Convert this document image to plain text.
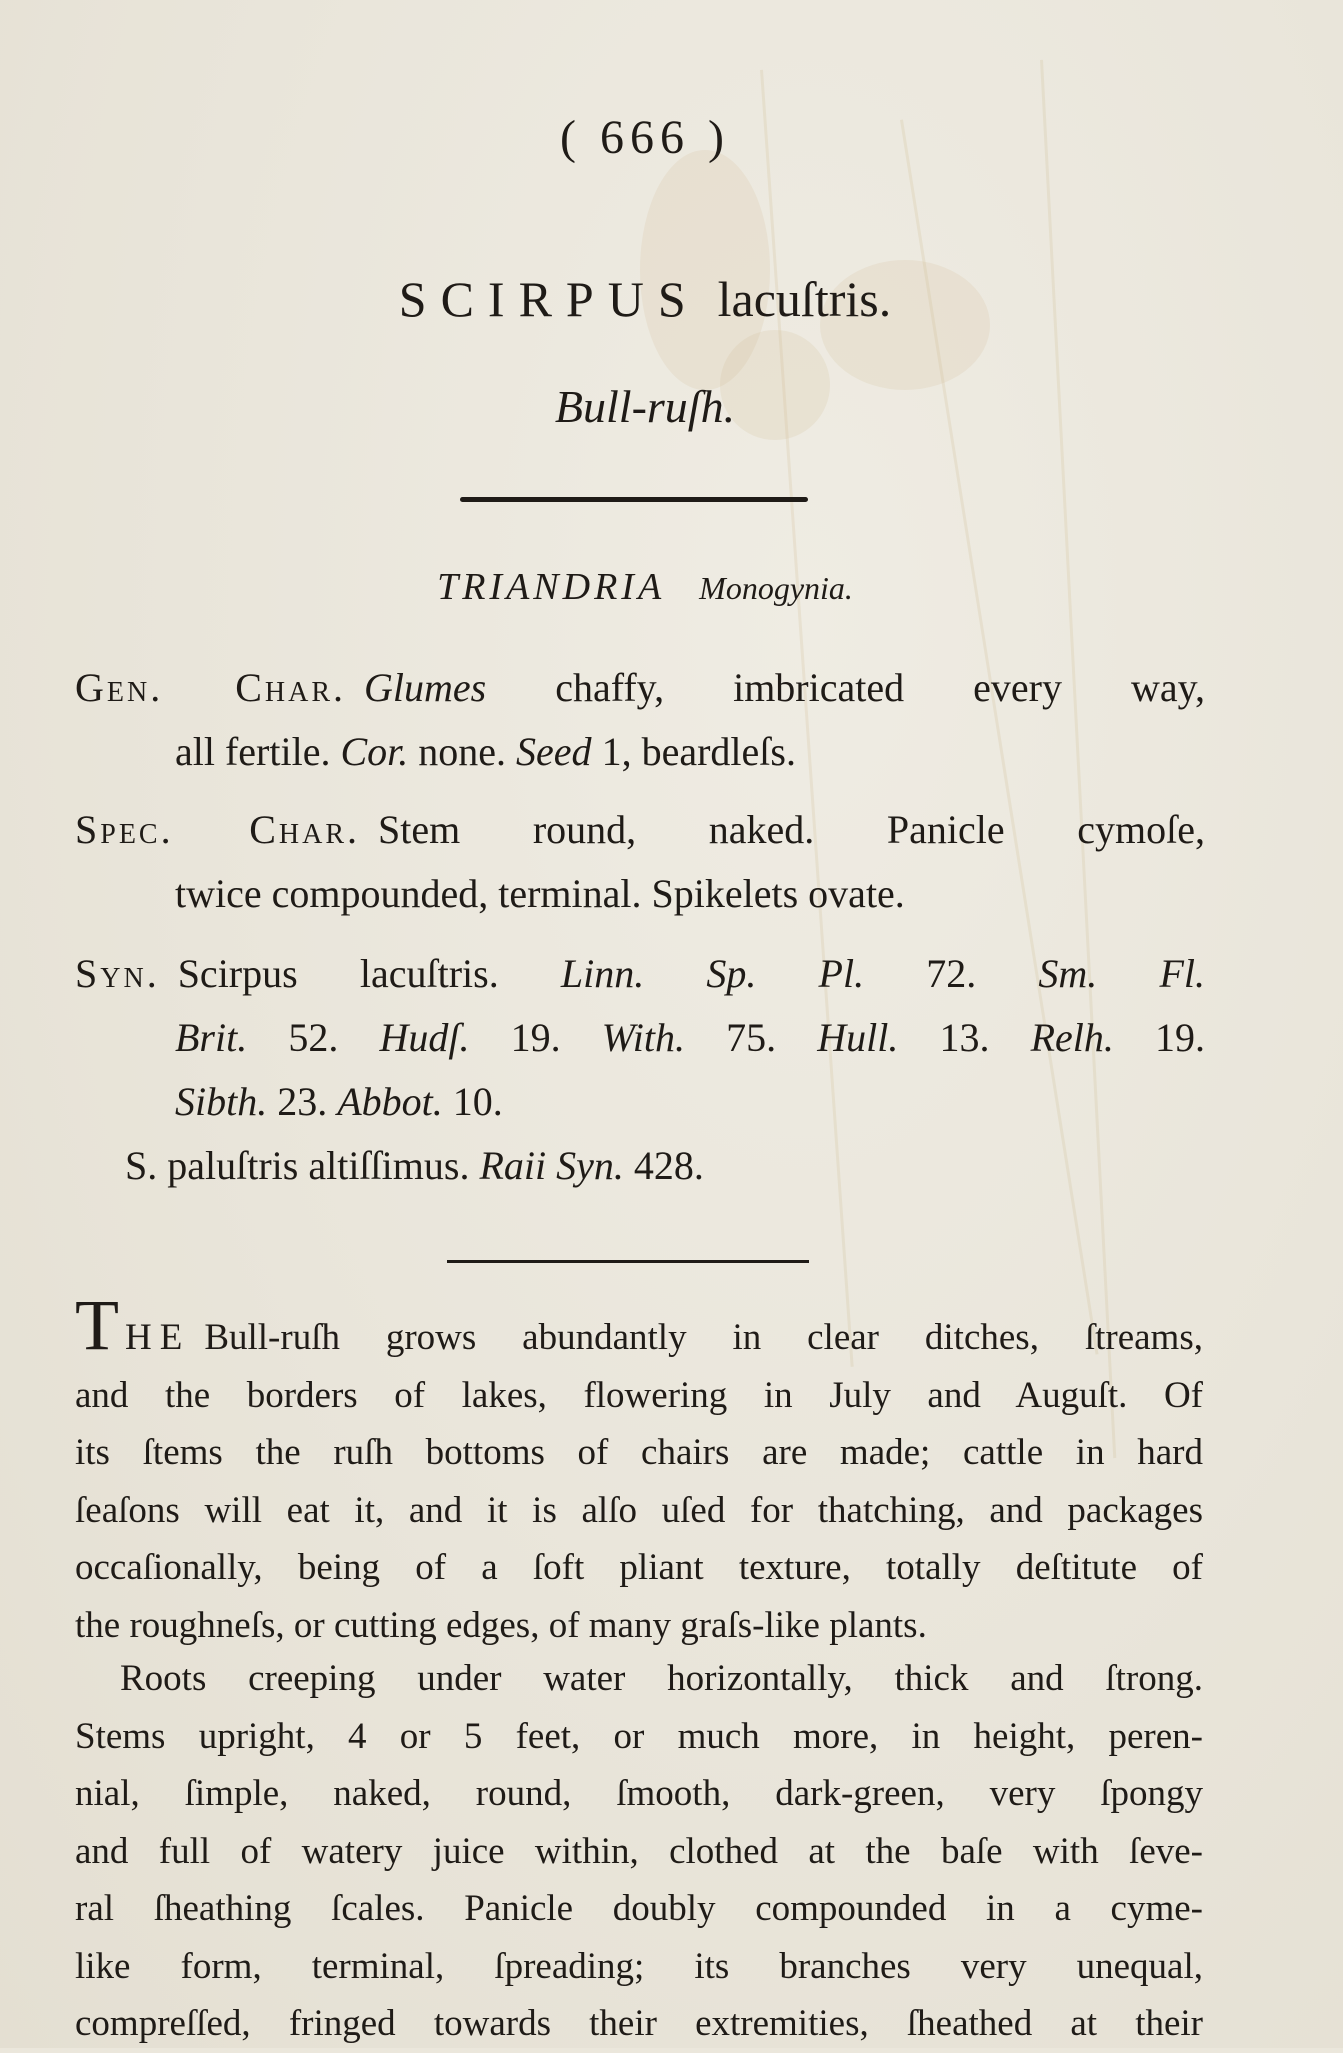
( 666 )
SCIRPUS lacuſtris.
Bull-ruſh.
TRIANDRIA Monogynia.
Gen. Char. Glumes chaffy, imbricated every way,
all fertile. Cor. none. Seed 1, beardleſs.
Spec. Char. Stem round, naked. Panicle cymoſe,
twice compounded, terminal. Spikelets ovate.
Syn. Scirpus lacuſtris. Linn. Sp. Pl. 72. Sm. Fl.
Brit. 52. Hudſ. 19. With. 75. Hull. 13. Relh. 19.
Sibth. 23. Abbot. 10.
S. paluſtris altiſſimus. Raii Syn. 428.
THE Bull-ruſh grows abundantly in clear ditches, ſtreams,
and the borders of lakes, flowering in July and Auguſt. Of
its ſtems the ruſh bottoms of chairs are made; cattle in hard
ſeaſons will eat it, and it is alſo uſed for thatching, and packages
occaſionally, being of a ſoft pliant texture, totally deſtitute of
the roughneſs, or cutting edges, of many graſs-like plants.
Roots creeping under water horizontally, thick and ſtrong.
Stems upright, 4 or 5 feet, or much more, in height, peren-
nial, ſimple, naked, round, ſmooth, dark-green, very ſpongy
and full of watery juice within, clothed at the baſe with ſeve-
ral ſheathing ſcales. Panicle doubly compounded in a cyme-
like form, terminal, ſpreading; its branches very unequal,
compreſſed, fringed towards their extremities, ſheathed at their
